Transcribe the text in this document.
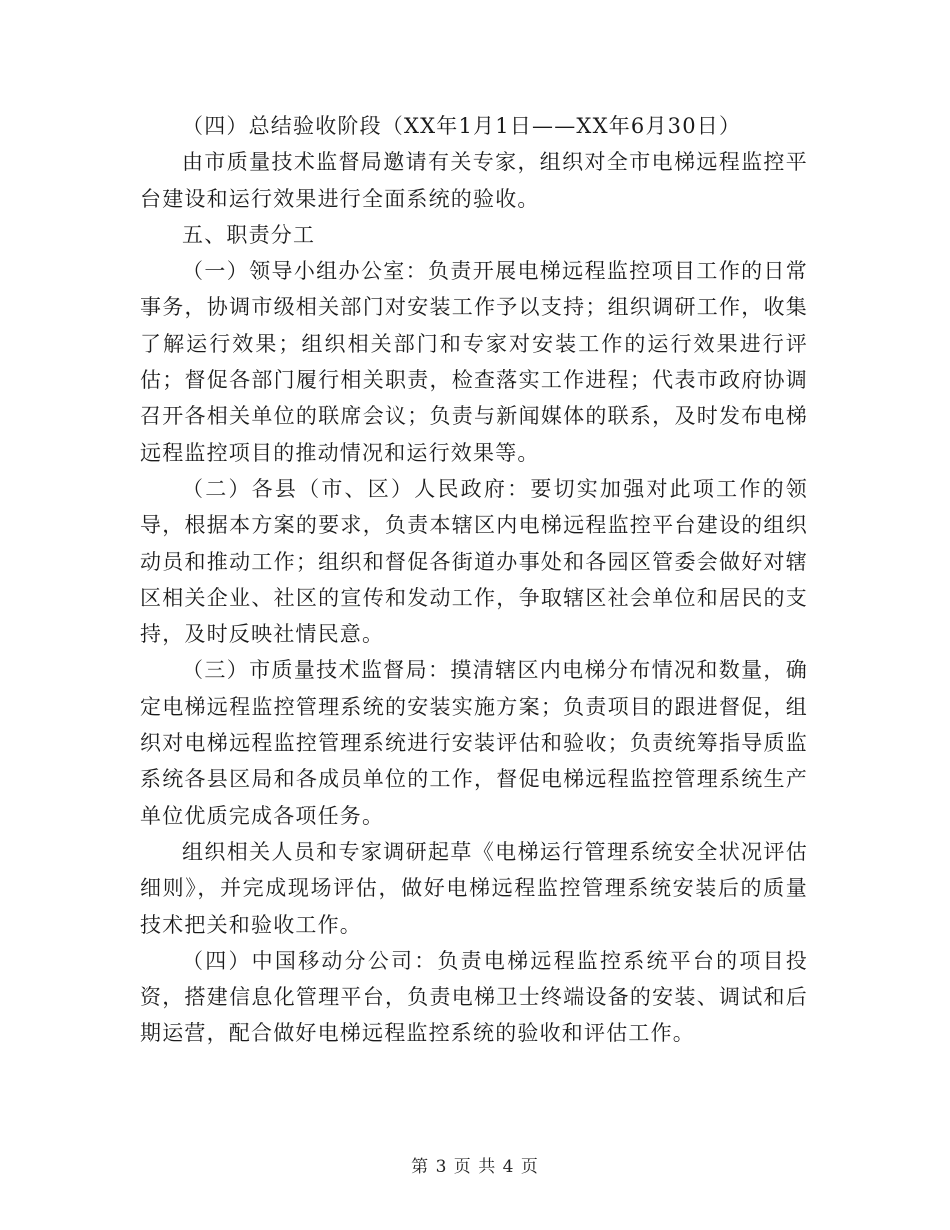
（四）总结验收阶段（XX年1月1日——XX年6月30日）

由市质量技术监督局邀请有关专家，组织对全市电梯远程监控平台建设和运行效果进行全面系统的验收。

五、职责分工

（一）领导小组办公室：负责开展电梯远程监控项目工作的日常事务，协调市级相关部门对安装工作予以支持；组织调研工作，收集了解运行效果；组织相关部门和专家对安装工作的运行效果进行评估；督促各部门履行相关职责，检查落实工作进程；代表市政府协调召开各相关单位的联席会议；负责与新闻媒体的联系，及时发布电梯远程监控项目的推动情况和运行效果等。

（二）各县（市、区）人民政府：要切实加强对此项工作的领导，根据本方案的要求，负责本辖区内电梯远程监控平台建设的组织动员和推动工作；组织和督促各街道办事处和各园区管委会做好对辖区相关企业、社区的宣传和发动工作，争取辖区社会单位和居民的支持，及时反映社情民意。

（三）市质量技术监督局：摸清辖区内电梯分布情况和数量，确定电梯远程监控管理系统的安装实施方案；负责项目的跟进督促，组织对电梯远程监控管理系统进行安装评估和验收；负责统筹指导质监系统各县区局和各成员单位的工作，督促电梯远程监控管理系统生产单位优质完成各项任务。

组织相关人员和专家调研起草《电梯运行管理系统安全状况评估细则》，并完成现场评估，做好电梯远程监控管理系统安装后的质量技术把关和验收工作。

（四）中国移动分公司：负责电梯远程监控系统平台的项目投资，搭建信息化管理平台，负责电梯卫士终端设备的安装、调试和后期运营，配合做好电梯远程监控系统的验收和评估工作。

第 3 页 共 4 页
